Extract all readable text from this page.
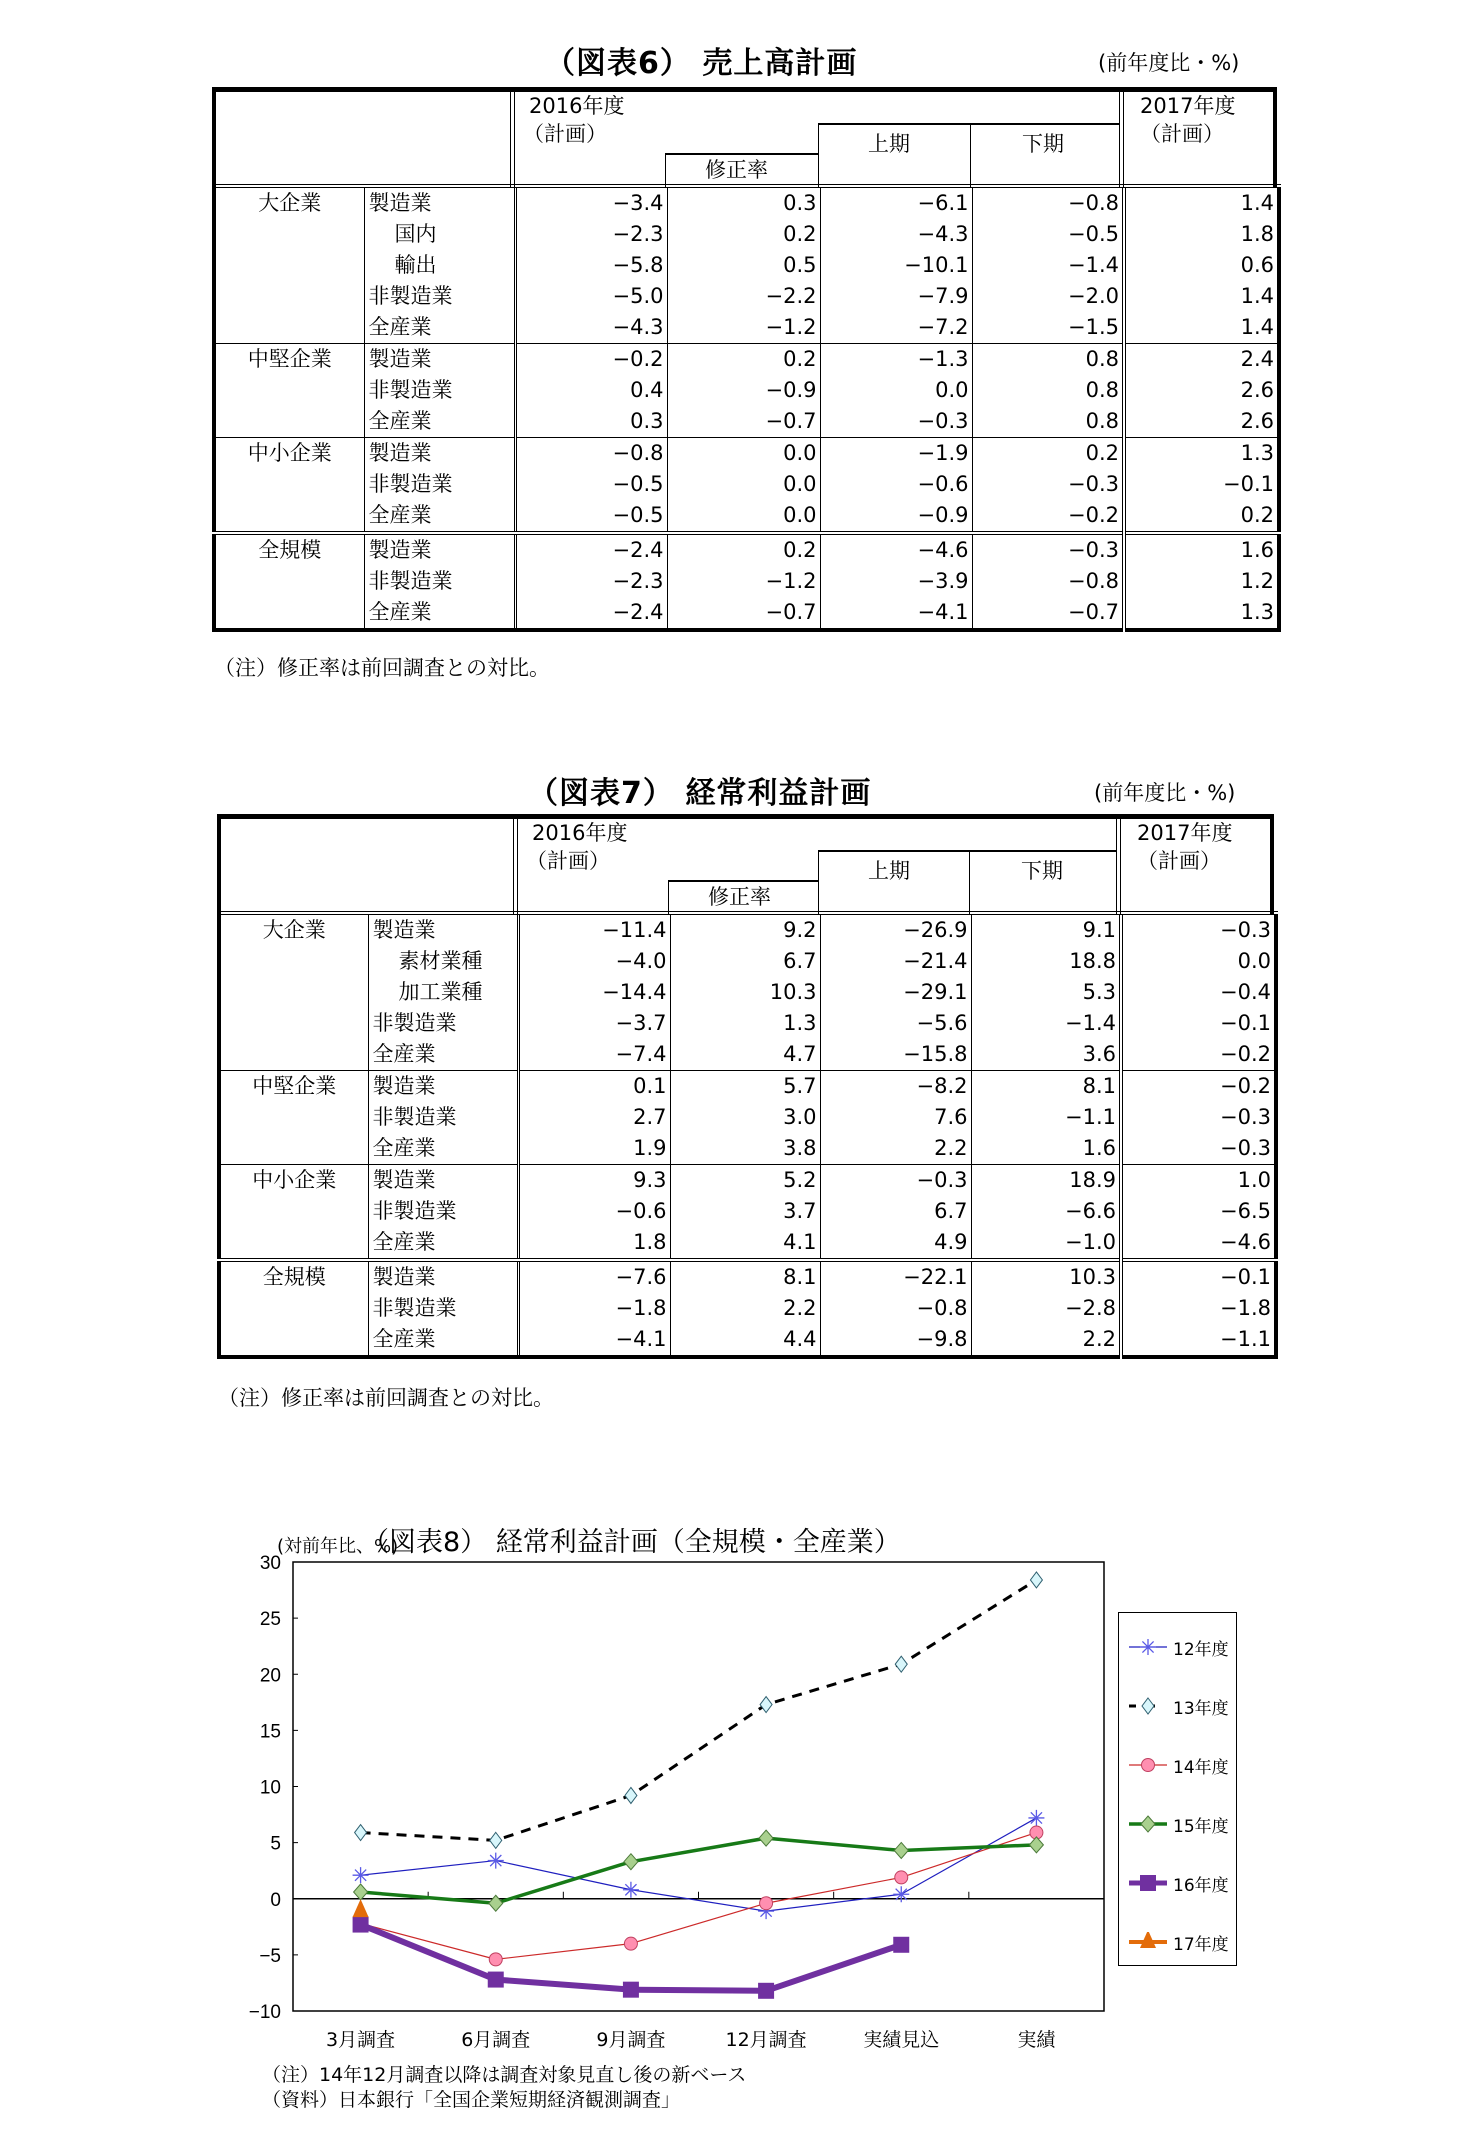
（図表6） 売上高計画	(前年度比・%)
2016年度
（計画）
修正率
上期	下期
2017年度
（計画）
大企業	製造業	−3.4	0.3	−6.1	−0.8	1.4
	国内	−2.3	0.2	−4.3	−0.5	1.8
	輸出	−5.8	0.5	−10.1	−1.4	0.6
	非製造業	−5.0	−2.2	−7.9	−2.0	1.4
	全産業	−4.3	−1.2	−7.2	−1.5	1.4
中堅企業	製造業	−0.2	0.2	−1.3	0.8	2.4
	非製造業	0.4	−0.9	0.0	0.8	2.6
	全産業	0.3	−0.7	−0.3	0.8	2.6
中小企業	製造業	−0.8	0.0	−1.9	0.2	1.3
	非製造業	−0.5	0.0	−0.6	−0.3	−0.1
	全産業	−0.5	0.0	−0.9	−0.2	0.2
全規模	製造業	−2.4	0.2	−4.6	−0.3	1.6
	非製造業	−2.3	−1.2	−3.9	−0.8	1.2
	全産業	−2.4	−0.7	−4.1	−0.7	1.3
（注）修正率は前回調査との対比。
（図表7） 経常利益計画	(前年度比・%)
2016年度
（計画）
修正率
上期	下期
2017年度
（計画）
大企業	製造業	−11.4	9.2	−26.9	9.1	−0.3
	素材業種	−4.0	6.7	−21.4	18.8	0.0
	加工業種	−14.4	10.3	−29.1	5.3	−0.4
	非製造業	−3.7	1.3	−5.6	−1.4	−0.1
	全産業	−7.4	4.7	−15.8	3.6	−0.2
中堅企業	製造業	0.1	5.7	−8.2	8.1	−0.2
	非製造業	2.7	3.0	7.6	−1.1	−0.3
	全産業	1.9	3.8	2.2	1.6	−0.3
中小企業	製造業	9.3	5.2	−0.3	18.9	1.0
	非製造業	−0.6	3.7	6.7	−6.6	−6.5
	全産業	1.8	4.1	4.9	−1.0	−4.6
全規模	製造業	−7.6	8.1	−22.1	10.3	−0.1
	非製造業	−1.8	2.2	−0.8	−2.8	−1.8
	全産業	−4.1	4.4	−9.8	2.2	−1.1
（注）修正率は前回調査との対比。
(対前年比、%)
（図表8） 経常利益計画（全規模・全産業）
30
25
20
15
10
5
0
−5
−10
3月調査	6月調査	9月調査	12月調査	実績見込	実績
12年度
13年度
14年度
15年度
16年度
17年度
（注）14年12月調査以降は調査対象見直し後の新ベース
（資料）日本銀行「全国企業短期経済観測調査」
